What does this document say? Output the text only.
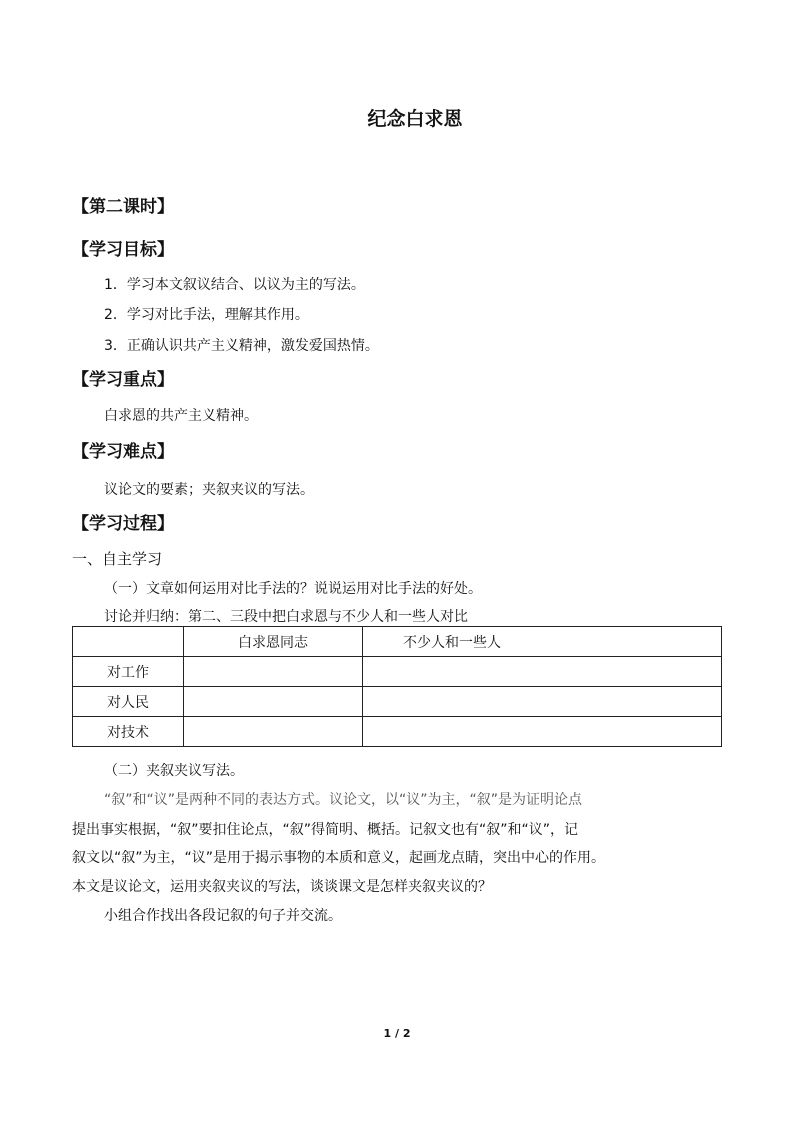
纪念白求恩
【第二课时】
【学习目标】
1．学习本文叙议结合、以议为主的写法。
2．学习对比手法，理解其作用。
3．正确认识共产主义精神，激发爱国热情。
【学习重点】
白求恩的共产主义精神。
【学习难点】
议论文的要素；夹叙夹议的写法。
【学习过程】
一、自主学习
（一）文章如何运用对比手法的？说说运用对比手法的好处。
讨论并归纳：第二、三段中把白求恩与不少人和一些人对比
	白求恩同志	不少人和一些人
对工作		
对人民		
对技术		
（二）夹叙夹议写法。
“叙”和“议”是两种不同的表达方式。议论文，以“议”为主，“叙”是为证明论点
提出事实根据，“叙”要扣住论点，“叙”得简明、概括。记叙文也有“叙”和“议”，记
叙文以“叙”为主，“议”是用于揭示事物的本质和意义，起画龙点睛，突出中心的作用。
本文是议论文，运用夹叙夹议的写法，谈谈课文是怎样夹叙夹议的？
小组合作找出各段记叙的句子并交流。
1 / 2
